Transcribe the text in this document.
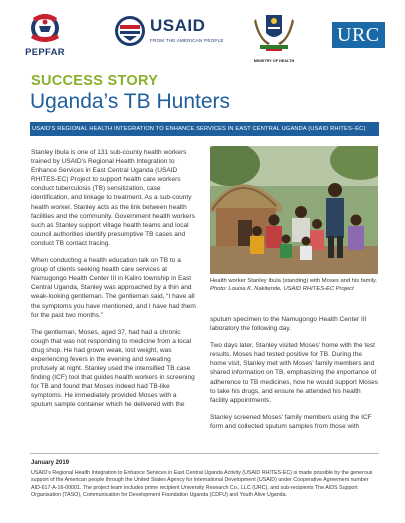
PEPFAR
USAID
FROM THE AMERICAN PEOPLE
MINISTRY OF HEALTH
URC
SUCCESS STORY
Uganda’s TB Hunters
USAID’S REGIONAL HEALTH INTEGRATION TO ENHANCE SERVICES IN EAST CENTRAL UGANDA (USAID RHITES–EC)

Stanley Ibula is one of 131 sub-county health workers trained by USAID’s Regional Health Integration to Enhance Services in East Central Uganda (USAID RHITES-EC) Project to support health care workers conduct tuberculosis (TB) sensitization, case identification, and linkage to treatment. As a sub-county health worker, Stanley acts as the link between health facilities and the community. Government health workers such as Stanley support village health teams and local council authorities identify presumptive TB cases and conduct TB contact tracing.

When conducting a health education talk on TB to a group of clients seeking health care services at Namugongo Health Center III in Kaliro township in East Central Uganda, Stanley was approached by a thin and weak-looking gentleman. The gentleman said, “I have all the symptoms you have mentioned, and I have had them for the past two months.”

The gentleman, Moses, aged 37, had had a chronic cough that was not responding to medicine from a local drug shop. He had grown weak, lost weight, was experiencing fevers in the evening and sweating profusely at night. Stanley used the intensified TB case finding (ICF) tool that guides health workers in screening for TB and found that Moses indeed had TB-like symptoms. He immediately provided Moses with a sputum sample container which he delivered with the

Health worker Stanley Ibula (standing) with Moses and his family. Photo: Louisa K. Nakitende, USAID RHITES-EC Project

sputum specimen to the Namugongo Health Center III laboratory the following day.

Two days later, Stanley visited Moses’ home with the test results. Moses had tested positive for TB. During the home visit, Stanley met with Moses’ family members and shared information on TB, emphasizing the importance of adherence to TB medicines, how he would support Moses to take his drugs, and ensure he attended his health facility appointments.

Stanley screened Moses’ family members using the ICF form and collected sputum samples from those with

January 2019
USAID’s Regional Health Integration to Enhance Services in East Central Uganda Activity (USAID RHITES-EC) is made possible by the generous support of the American people through the United States Agency for International Development (USAID) under Cooperative Agreement number AID-617-A-16-00001. The project team includes prime recipient University Research Co., LLC (URC), and sub-recipients The AIDS Support Organisation (TASO), Communication for Development Foundation Uganda (CDFU) and Youth Alive Uganda.
